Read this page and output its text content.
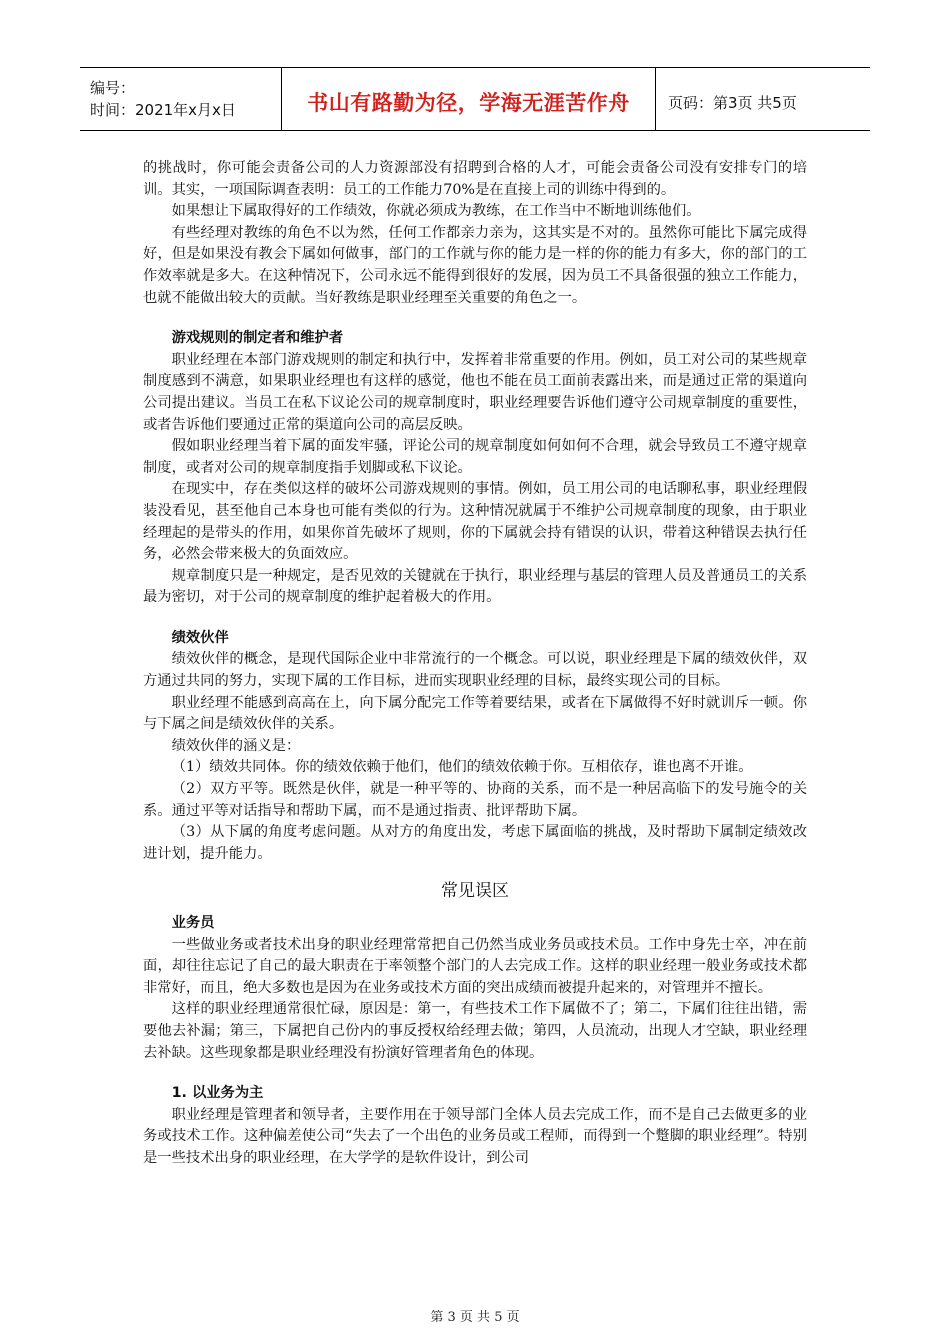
编号：
时间：2021年x月x日	书山有路勤为径，学海无涯苦作舟	页码：第3页 共5页

的挑战时，你可能会责备公司的人力资源部没有招聘到合格的人才，可能会责备公司没有安排专门的培训。其实，一项国际调查表明：员工的工作能力70%是在直接上司的训练中得到的。

如果想让下属取得好的工作绩效，你就必须成为教练，在工作当中不断地训练他们。

有些经理对教练的角色不以为然，任何工作都亲力亲为，这其实是不对的。虽然你可能比下属完成得好，但是如果没有教会下属如何做事，部门的工作就与你的能力是一样的你的能力有多大，你的部门的工作效率就是多大。在这种情况下，公司永远不能得到很好的发展，因为员工不具备很强的独立工作能力，也就不能做出较大的贡献。当好教练是职业经理至关重要的角色之一。

游戏规则的制定者和维护者

职业经理在本部门游戏规则的制定和执行中，发挥着非常重要的作用。例如，员工对公司的某些规章制度感到不满意，如果职业经理也有这样的感觉，他也不能在员工面前表露出来，而是通过正常的渠道向公司提出建议。当员工在私下议论公司的规章制度时，职业经理要告诉他们遵守公司规章制度的重要性，或者告诉他们要通过正常的渠道向公司的高层反映。

假如职业经理当着下属的面发牢骚，评论公司的规章制度如何如何不合理，就会导致员工不遵守规章制度，或者对公司的规章制度指手划脚或私下议论。

在现实中，存在类似这样的破坏公司游戏规则的事情。例如，员工用公司的电话聊私事，职业经理假装没看见，甚至他自己本身也可能有类似的行为。这种情况就属于不维护公司规章制度的现象，由于职业经理起的是带头的作用，如果你首先破坏了规则，你的下属就会持有错误的认识，带着这种错误去执行任务，必然会带来极大的负面效应。

规章制度只是一种规定，是否见效的关键就在于执行，职业经理与基层的管理人员及普通员工的关系最为密切，对于公司的规章制度的维护起着极大的作用。

绩效伙伴

绩效伙伴的概念，是现代国际企业中非常流行的一个概念。可以说，职业经理是下属的绩效伙伴，双方通过共同的努力，实现下属的工作目标，进而实现职业经理的目标，最终实现公司的目标。

职业经理不能感到高高在上，向下属分配完工作等着要结果，或者在下属做得不好时就训斥一顿。你与下属之间是绩效伙伴的关系。

绩效伙伴的涵义是：

（1）绩效共同体。你的绩效依赖于他们，他们的绩效依赖于你。互相依存，谁也离不开谁。

（2）双方平等。既然是伙伴，就是一种平等的、协商的关系，而不是一种居高临下的发号施令的关系。通过平等对话指导和帮助下属，而不是通过指责、批评帮助下属。

（3）从下属的角度考虑问题。从对方的角度出发，考虑下属面临的挑战，及时帮助下属制定绩效改进计划，提升能力。

常见误区

业务员

一些做业务或者技术出身的职业经理常常把自己仍然当成业务员或技术员。工作中身先士卒，冲在前面，却往往忘记了自己的最大职责在于率领整个部门的人去完成工作。这样的职业经理一般业务或技术都非常好，而且，绝大多数也是因为在业务或技术方面的突出成绩而被提升起来的，对管理并不擅长。

这样的职业经理通常很忙碌，原因是：第一，有些技术工作下属做不了；第二，下属们往往出错，需要他去补漏；第三，下属把自己份内的事反授权给经理去做；第四，人员流动，出现人才空缺，职业经理去补缺。这些现象都是职业经理没有扮演好管理者角色的体现。

1. 以业务为主

职业经理是管理者和领导者，主要作用在于领导部门全体人员去完成工作，而不是自己去做更多的业务或技术工作。这种偏差使公司“失去了一个出色的业务员或工程师，而得到一个蹩脚的职业经理”。特别是一些技术出身的职业经理，在大学学的是软件设计，到公司

第 3 页 共 5 页
